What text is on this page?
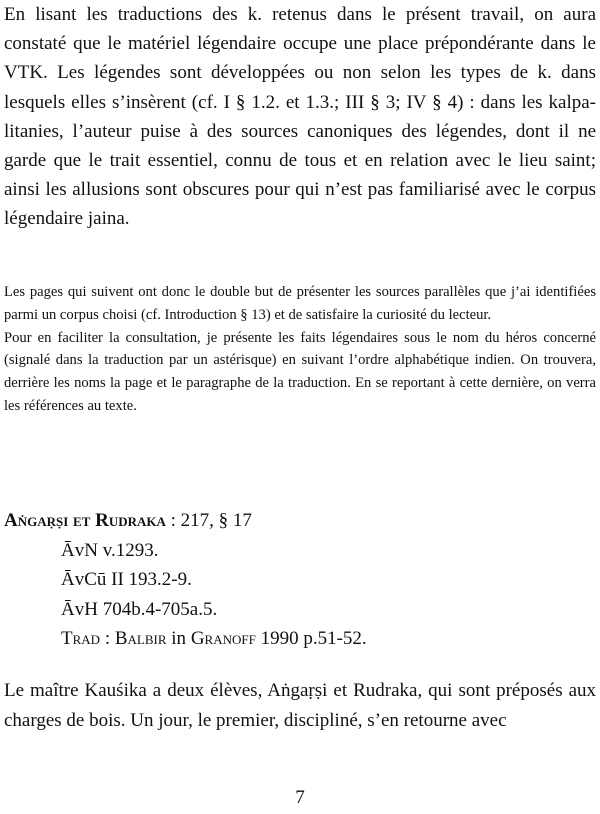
En lisant les traductions des k. retenus dans le présent travail, on aura constaté que le matériel légendaire occupe une place prépondérante dans le VTK. Les légendes sont développées ou non selon les types de k. dans lesquels elles s’insèrent (cf. I § 1.2. et 1.3.; III § 3; IV § 4) : dans les kalpa-litanies, l’auteur puise à des sources canoniques des légendes, dont il ne garde que le trait essentiel, connu de tous et en relation avec le lieu saint; ainsi les allusions sont obscures pour qui n’est pas familiarisé avec le corpus légendaire jaina.

Les pages qui suivent ont donc le double but de présenter les sources parallèles que j’ai identifiées parmi un corpus choisi (cf. Introduction § 13) et de satisfaire la curiosité du lecteur.

Pour en faciliter la consultation, je présente les faits légendaires sous le nom du héros concerné (signalé dans la traduction par un astérisque) en suivant l’ordre alphabétique indien. On trouvera, derrière les noms la page et le paragraphe de la traduction. En se reportant à cette dernière, on verra les références au texte.

Aṅgaṛṣi et Rudraka : 217, § 17

ĀvN v.1293.
ĀvCū II 193.2-9.
ĀvH 704b.4-705a.5.
Trad : Balbir in Granoff 1990 p.51-52.

Le maître Kauśika a deux élèves, Aṅgaṛṣi et Rudraka, qui sont préposés aux charges de bois. Un jour, le premier, discipliné, s’en retourne avec

7
